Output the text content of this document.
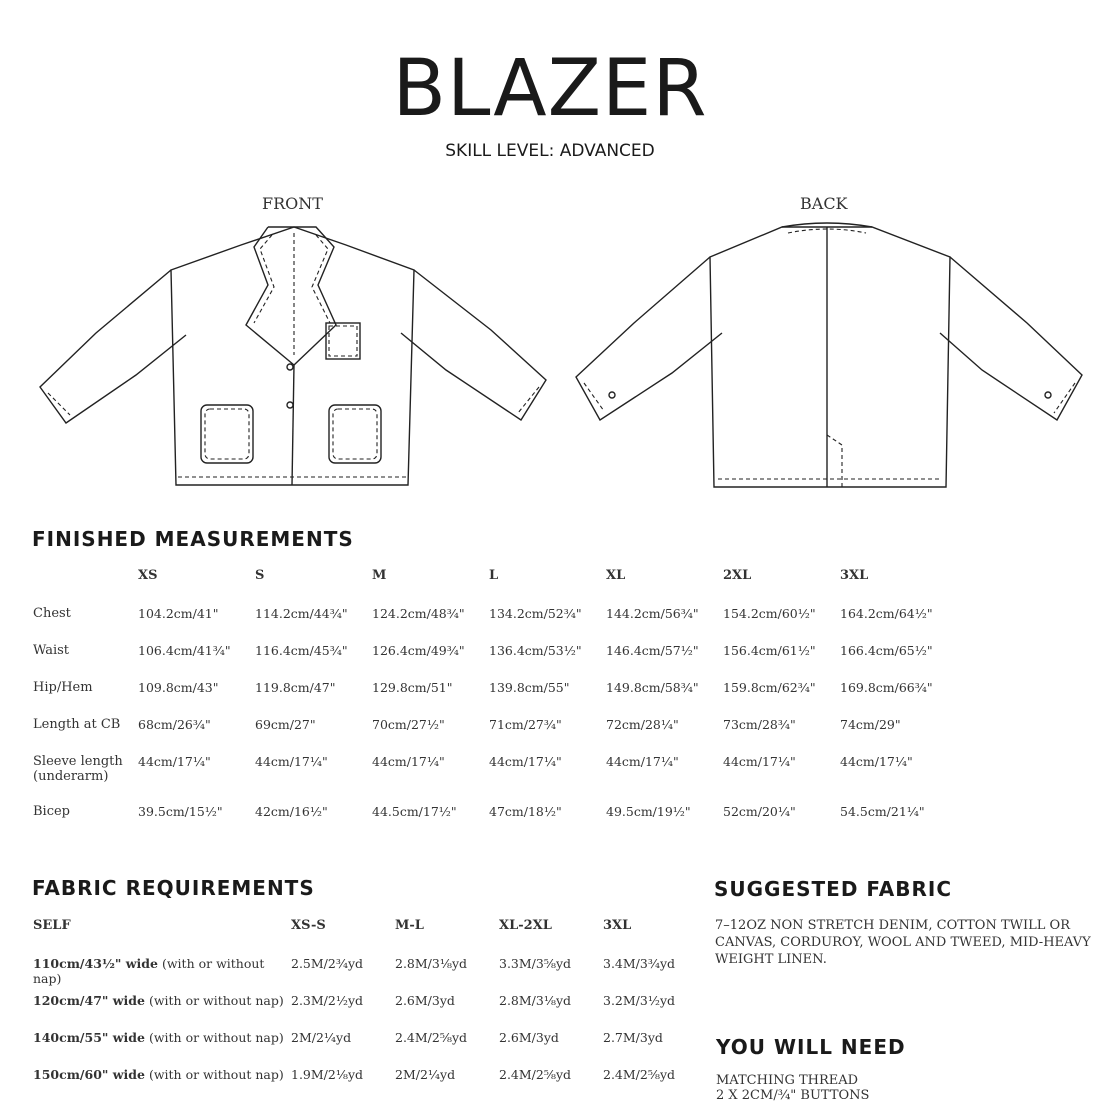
BLAZER
SKILL LEVEL: ADVANCED
FRONT	BACK
FINISHED MEASUREMENTS
	XS	S	M	L	XL	2XL	3XL
Chest	104.2cm/41"	114.2cm/44¾"	124.2cm/48¾"	134.2cm/52¾"	144.2cm/56¾"	154.2cm/60½"	164.2cm/64½"
Waist	106.4cm/41¾"	116.4cm/45¾"	126.4cm/49¾"	136.4cm/53½"	146.4cm/57½"	156.4cm/61½"	166.4cm/65½"
Hip/Hem	109.8cm/43"	119.8cm/47"	129.8cm/51"	139.8cm/55"	149.8cm/58¾"	159.8cm/62¾"	169.8cm/66¾"
Length at CB	68cm/26¾"	69cm/27"	70cm/27½"	71cm/27¾"	72cm/28¼"	73cm/28¾"	74cm/29"
Sleeve length (underarm)	44cm/17¼"	44cm/17¼"	44cm/17¼"	44cm/17¼"	44cm/17¼"	44cm/17¼"	44cm/17¼"
Bicep	39.5cm/15½"	42cm/16½"	44.5cm/17½"	47cm/18½"	49.5cm/19½"	52cm/20¼"	54.5cm/21¼"
FABRIC REQUIREMENTS
SELF	XS-S	M-L	XL-2XL	3XL
110cm/43½" wide (with or without nap)	2.5M/2¾yd	2.8M/3⅛yd	3.3M/3⅝yd	3.4M/3¾yd
120cm/47" wide (with or without nap)	2.3M/2½yd	2.6M/3yd	2.8M/3⅛yd	3.2M/3½yd
140cm/55" wide (with or without nap)	2M/2¼yd	2.4M/2⅝yd	2.6M/3yd	2.7M/3yd
150cm/60" wide (with or without nap)	1.9M/2⅛yd	2M/2¼yd	2.4M/2⅝yd	2.4M/2⅝yd
SUGGESTED FABRIC
7–12OZ NON STRETCH DENIM, COTTON TWILL OR CANVAS, CORDUROY, WOOL AND TWEED, MID-HEAVY WEIGHT LINEN.
YOU WILL NEED
MATCHING THREAD
2 X 2CM/¾" BUTTONS
